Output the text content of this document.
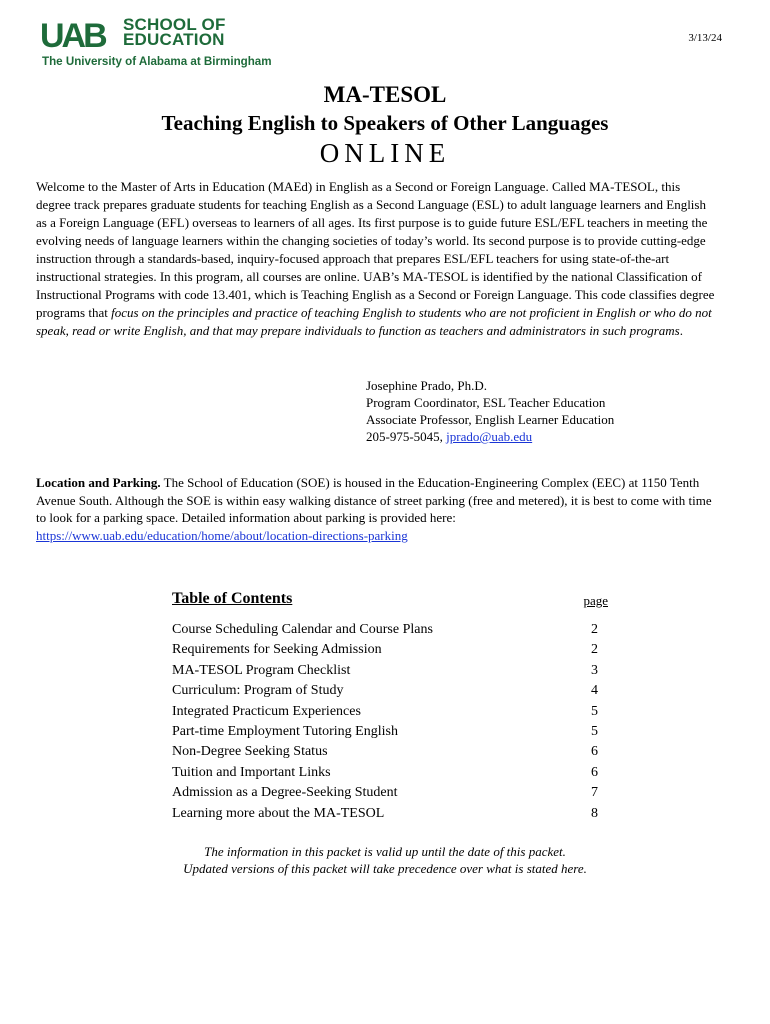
UAB SCHOOL OF
EDUCATION
The University of Alabama at Birmingham
3/13/24
MA-TESOL
Teaching English to Speakers of Other Languages
ONLINE
Welcome to the Master of Arts in Education (MAEd) in English as a Second or Foreign Language. Called MA-TESOL, this degree track prepares graduate students for teaching English as a Second Language (ESL) to adult language learners and English as a Foreign Language (EFL) overseas to learners of all ages. Its first purpose is to guide future ESL/EFL teachers in meeting the evolving needs of language learners within the changing societies of today’s world. Its second purpose is to provide cutting-edge instruction through a standards-based, inquiry-focused approach that prepares ESL/EFL teachers for using state-of-the-art instructional strategies. In this program, all courses are online. UAB’s MA-TESOL is identified by the national Classification of Instructional Programs with code 13.401, which is Teaching English as a Second or Foreign Language. This code classifies degree programs that focus on the principles and practice of teaching English to students who are not proficient in English or who do not speak, read or write English, and that may prepare individuals to function as teachers and administrators in such programs.
Josephine Prado, Ph.D.
Program Coordinator, ESL Teacher Education
Associate Professor, English Learner Education
205-975-5045, jprado@uab.edu
Location and Parking. The School of Education (SOE) is housed in the Education-Engineering Complex (EEC) at 1150 Tenth Avenue South. Although the SOE is within easy walking distance of street parking (free and metered), it is best to come with time to look for a parking space. Detailed information about parking is provided here: https://www.uab.edu/education/home/about/location-directions-parking
Table of Contents	page
Course Scheduling Calendar and Course Plans	2
Requirements for Seeking Admission	2
MA-TESOL Program Checklist	3
Curriculum: Program of Study	4
Integrated Practicum Experiences	5
Part-time Employment Tutoring English	5
Non-Degree Seeking Status	6
Tuition and Important Links	6
Admission as a Degree-Seeking Student	7
Learning more about the MA-TESOL	8
The information in this packet is valid up until the date of this packet.
Updated versions of this packet will take precedence over what is stated here.
